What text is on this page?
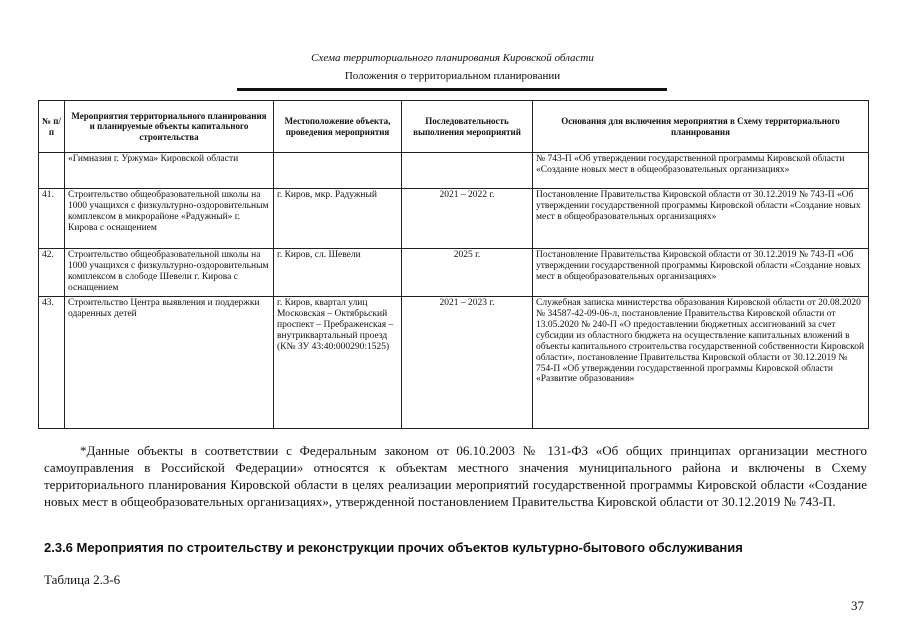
Схема территориального планирования Кировской области
Положения о территориальном планировании
№ п/п	Мероприятия территориального планирования и планируемые объекты капитального строительства	Местоположение объекта, проведения мероприятия	Последовательность выполнения мероприятий	Основания для включения мероприятия в Схему территориального планирования
	«Гимназия г. Уржума» Кировской области			№ 743-П «Об утверждении государственной программы Кировской области «Создание новых мест в общеобразовательных организациях»
41.	Строительство общеобразовательной школы на 1000 учащихся с физкультурно-оздоровительным комплексом в микрорайоне «Радужный» г. Кирова с оснащением	г. Киров, мкр. Радужный	2021 – 2022 г.	Постановление Правительства Кировской области от 30.12.2019 № 743-П «Об утверждении государственной программы Кировской области «Создание новых мест в общеобразовательных организациях»
42.	Строительство общеобразовательной школы на 1000 учащихся с физкультурно-оздоровительным комплексом в слободе Шевели г. Кирова с оснащением	г. Киров, сл. Шевели	2025 г.	Постановление Правительства Кировской области от 30.12.2019 № 743-П «Об утверждении государственной программы Кировской области «Создание новых мест в общеобразовательных организациях»
43.	Строительство Центра выявления и поддержки одаренных детей	г. Киров, квартал улиц Московская – Октябрьский проспект – Пребраженская – внутриквартальный проезд (К№ ЗУ 43:40:000290:1525)	2021 – 2023 г.	Служебная записка министерства образования Кировской области от 20.08.2020 № 34587-42-09-06-л, постановление Правительства Кировской области от 13.05.2020 № 240-П «О предоставлении бюджетных ассигнований за счет субсидии из областного бюджета на осуществление капитальных вложений в объекты капитального строительства государственной собственности Кировской области», постановление Правительства Кировской области от 30.12.2019 № 754-П «Об утверждении государственной программы Кировской области «Развитие образования»
*Данные объекты в соответствии с Федеральным законом от 06.10.2003 № 131-ФЗ «Об общих принципах организации местного самоуправления в Российской Федерации» относятся к объектам местного значения муниципального района и включены в Схему территориального планирования Кировской области в целях реализации мероприятий государственной программы Кировской области «Создание новых мест в общеобразовательных организациях», утвержденной постановлением Правительства Кировской области от 30.12.2019 № 743-П.
2.3.6 Мероприятия по строительству и реконструкции прочих объектов культурно-бытового обслуживания
Таблица 2.3-6
37
